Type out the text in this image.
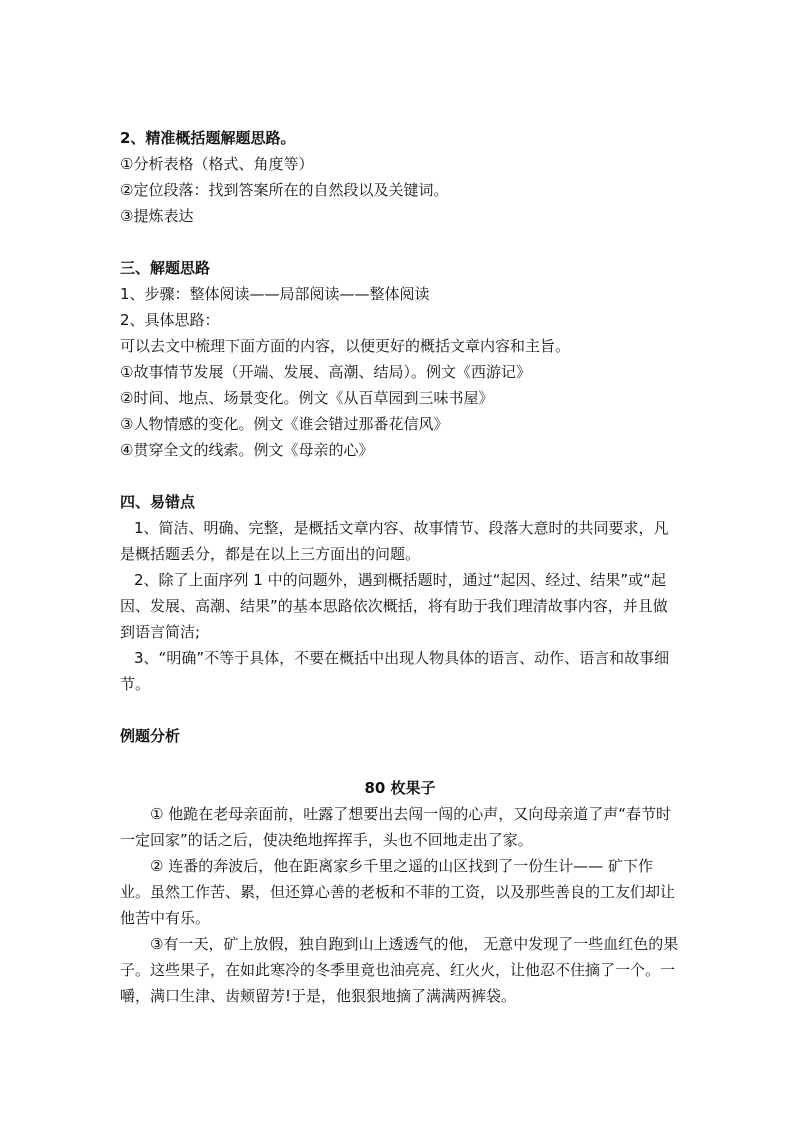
2、精准概括题解题思路。
①分析表格（格式、角度等）
②定位段落：找到答案所在的自然段以及关键词。
③提炼表达
三、解题思路
1、步骤：整体阅读——局部阅读——整体阅读
2、具体思路：
可以去文中梳理下面方面的内容，以便更好的概括文章内容和主旨。
①故事情节发展（开端、发展、高潮、结局）。例文《西游记》
②时间、地点、场景变化。例文《从百草园到三味书屋》
③人物情感的变化。例文《谁会错过那番花信风》
④贯穿全文的线索。例文《母亲的心》
四、易错点
1、简洁、明确、完整，是概括文章内容、故事情节、段落大意时的共同要求，凡是概括题丢分，都是在以上三方面出的问题。
2、除了上面序列 1 中的问题外，遇到概括题时，通过“起因、经过、结果”或“起因、发展、高潮、结果”的基本思路依次概括，将有助于我们理清故事内容，并且做到语言简洁;
3、“明确”不等于具体，不要在概括中出现人物具体的语言、动作、语言和故事细节。
例题分析
80 枚果子
① 他跪在老母亲面前，吐露了想要出去闯一闯的心声，又向母亲道了声“春节时一定回家”的话之后，使决绝地挥挥手，头也不回地走出了家。
② 连番的奔波后，他在距离家乡千里之遥的山区找到了一份生计—— 矿下作业。虽然工作苦、累，但还算心善的老板和不菲的工资，以及那些善良的工友们却让他苦中有乐。
③有一天，矿上放假，独自跑到山上透透气的他， 无意中发现了一些血红色的果子。这些果子，在如此寒冷的冬季里竟也油亮亮、红火火，让他忍不住摘了一个。一嚼，满口生津、齿颊留芳!于是，他狠狠地摘了满满两裤袋。
